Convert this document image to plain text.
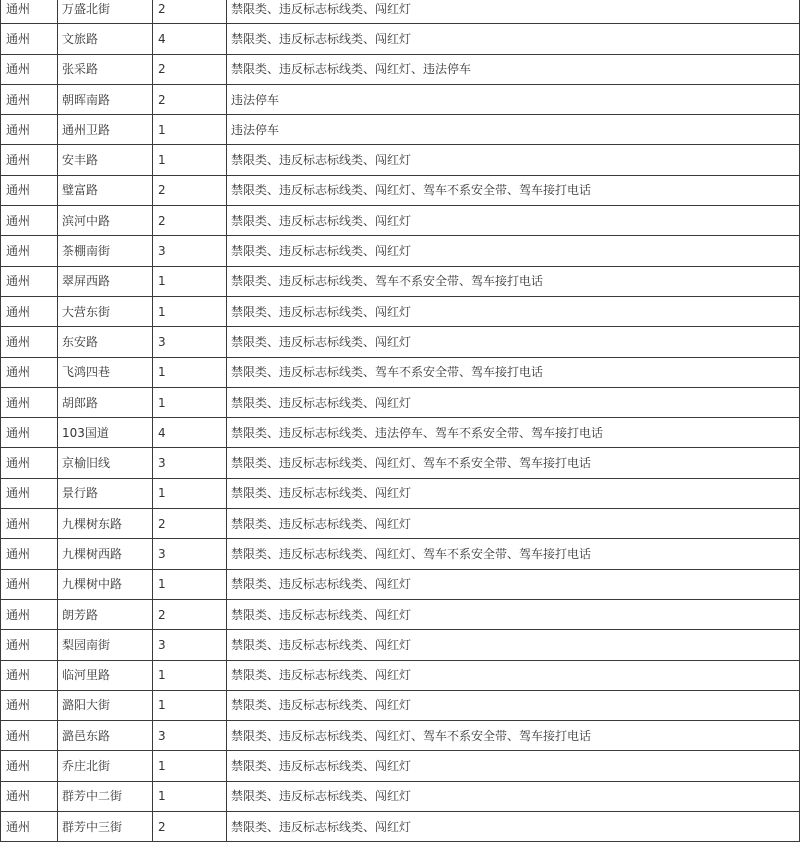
通州	万盛北街	2	禁限类、违反标志标线类、闯红灯
通州	文旅路	4	禁限类、违反标志标线类、闯红灯
通州	张采路	2	禁限类、违反标志标线类、闯红灯、违法停车
通州	朝晖南路	2	违法停车
通州	通州卫路	1	违法停车
通州	安丰路	1	禁限类、违反标志标线类、闯红灯
通州	璧富路	2	禁限类、违反标志标线类、闯红灯、驾车不系安全带、驾车接打电话
通州	滨河中路	2	禁限类、违反标志标线类、闯红灯
通州	茶棚南街	3	禁限类、违反标志标线类、闯红灯
通州	翠屏西路	1	禁限类、违反标志标线类、驾车不系安全带、驾车接打电话
通州	大营东街	1	禁限类、违反标志标线类、闯红灯
通州	东安路	3	禁限类、违反标志标线类、闯红灯
通州	飞鸿四巷	1	禁限类、违反标志标线类、驾车不系安全带、驾车接打电话
通州	胡郎路	1	禁限类、违反标志标线类、闯红灯
通州	103国道	4	禁限类、违反标志标线类、违法停车、驾车不系安全带、驾车接打电话
通州	京榆旧线	3	禁限类、违反标志标线类、闯红灯、驾车不系安全带、驾车接打电话
通州	景行路	1	禁限类、违反标志标线类、闯红灯
通州	九棵树东路	2	禁限类、违反标志标线类、闯红灯
通州	九棵树西路	3	禁限类、违反标志标线类、闯红灯、驾车不系安全带、驾车接打电话
通州	九棵树中路	1	禁限类、违反标志标线类、闯红灯
通州	朗芳路	2	禁限类、违反标志标线类、闯红灯
通州	梨园南街	3	禁限类、违反标志标线类、闯红灯
通州	临河里路	1	禁限类、违反标志标线类、闯红灯
通州	潞阳大街	1	禁限类、违反标志标线类、闯红灯
通州	潞邑东路	3	禁限类、违反标志标线类、闯红灯、驾车不系安全带、驾车接打电话
通州	乔庄北街	1	禁限类、违反标志标线类、闯红灯
通州	群芳中二街	1	禁限类、违反标志标线类、闯红灯
通州	群芳中三街	2	禁限类、违反标志标线类、闯红灯
